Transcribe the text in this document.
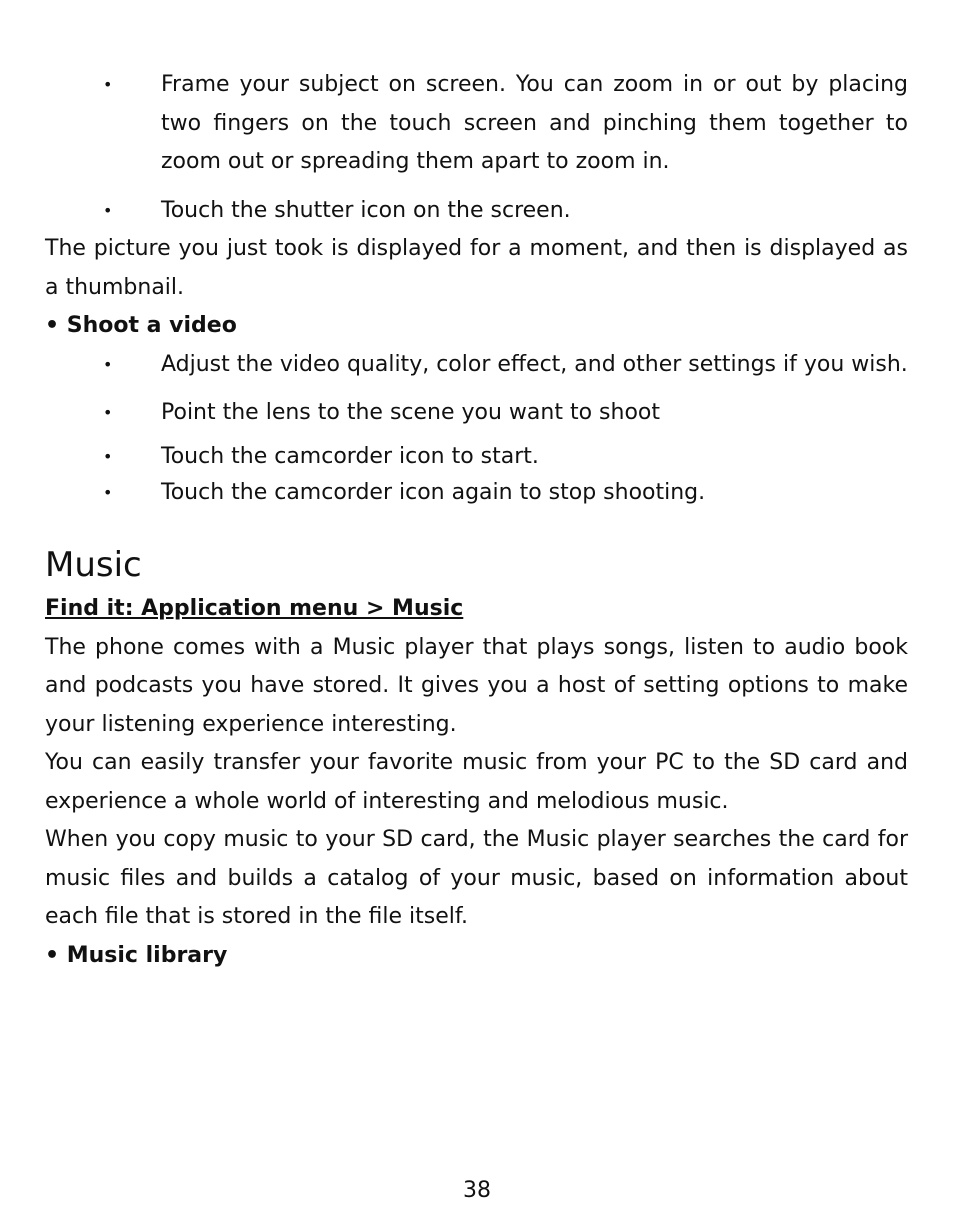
• Frame your subject on screen. You can zoom in or out by placing two fingers on the touch screen and pinching them together to zoom out or spreading them apart to zoom in.
• Touch the shutter icon on the screen.

The picture you just took is displayed for a moment, and then is displayed as a thumbnail.

• Shoot a video

• Adjust the video quality, color effect, and other settings if you wish.
• Point the lens to the scene you want to shoot
• Touch the camcorder icon to start.
• Touch the camcorder icon again to stop shooting.
Music

Find it: Application menu > Music

The phone comes with a Music player that plays songs, listen to audio book and podcasts you have stored. It gives you a host of setting options to make your listening experience interesting.

You can easily transfer your favorite music from your PC to the SD card and experience a whole world of interesting and melodious music.

When you copy music to your SD card, the Music player searches the card for music files and builds a catalog of your music, based on information about each file that is stored in the file itself.

• Music library

38
